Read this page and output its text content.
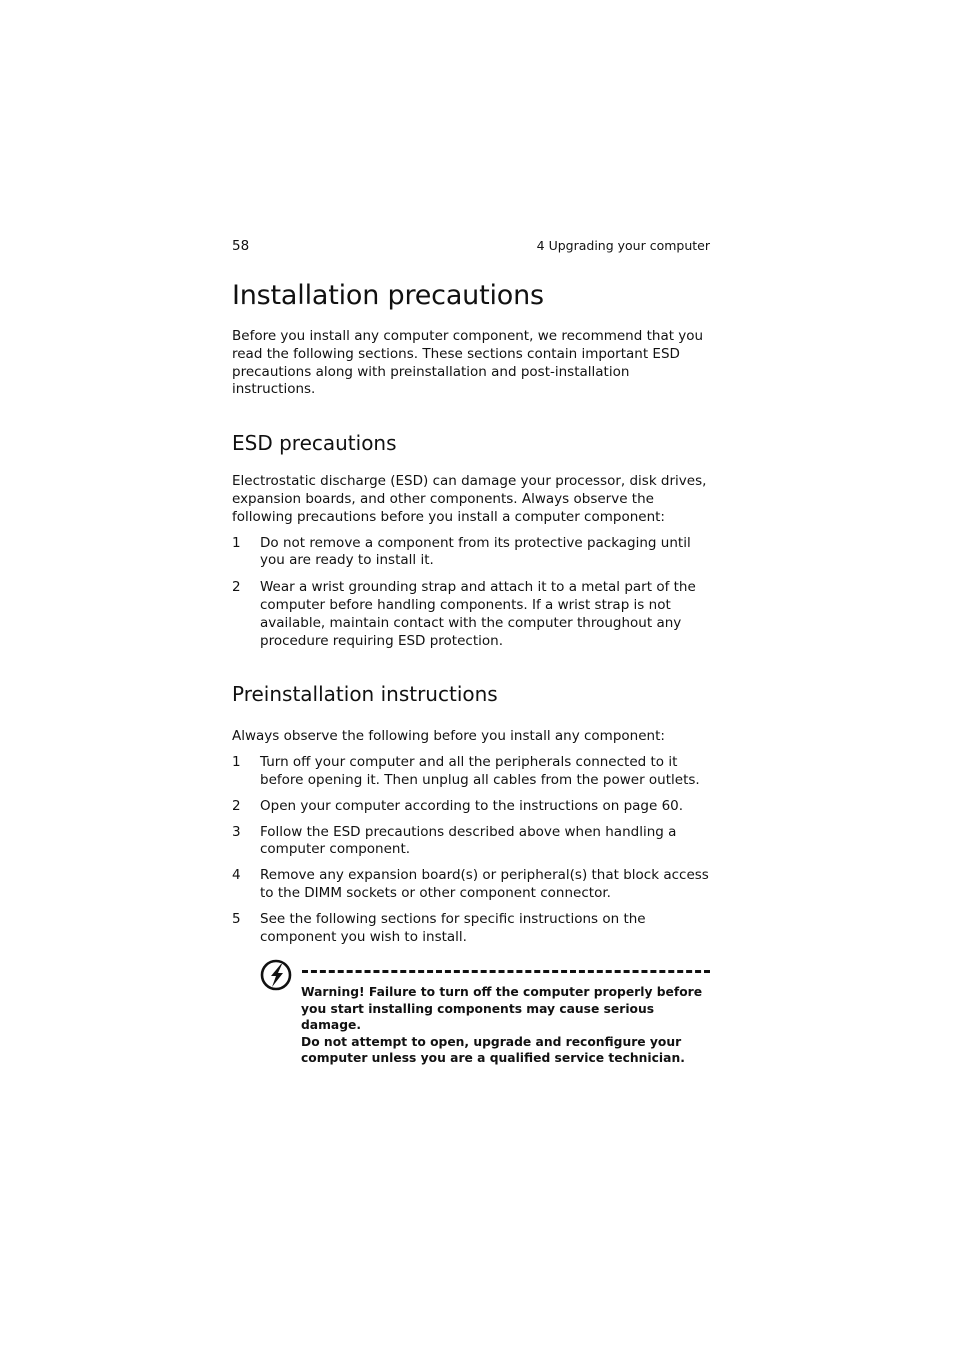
58	4 Upgrading your computer
Installation precautions

Before you install any computer component, we recommend that you read the following sections. These sections contain important ESD precautions along with preinstallation and post-installation instructions.

ESD precautions

Electrostatic discharge (ESD) can damage your processor, disk drives, expansion boards, and other components. Always observe the following precautions before you install a computer component:

1 Do not remove a component from its protective packaging until you are ready to install it.
2 Wear a wrist grounding strap and attach it to a metal part of the computer before handling components. If a wrist strap is not available, maintain contact with the computer throughout any procedure requiring ESD protection.
Preinstallation instructions

Always observe the following before you install any component:

1 Turn off your computer and all the peripherals connected to it before opening it. Then unplug all cables from the power outlets.
2 Open your computer according to the instructions on page 60.
3 Follow the ESD precautions described above when handling a computer component.
4 Remove any expansion board(s) or peripheral(s) that block access to the DIMM sockets or other component connector.
5 See the following sections for specific instructions on the component you wish to install.

Warning! Failure to turn off the computer properly before you start installing components may cause serious damage.

Do not attempt to open, upgrade and reconfigure your computer unless you are a qualified service technician.
